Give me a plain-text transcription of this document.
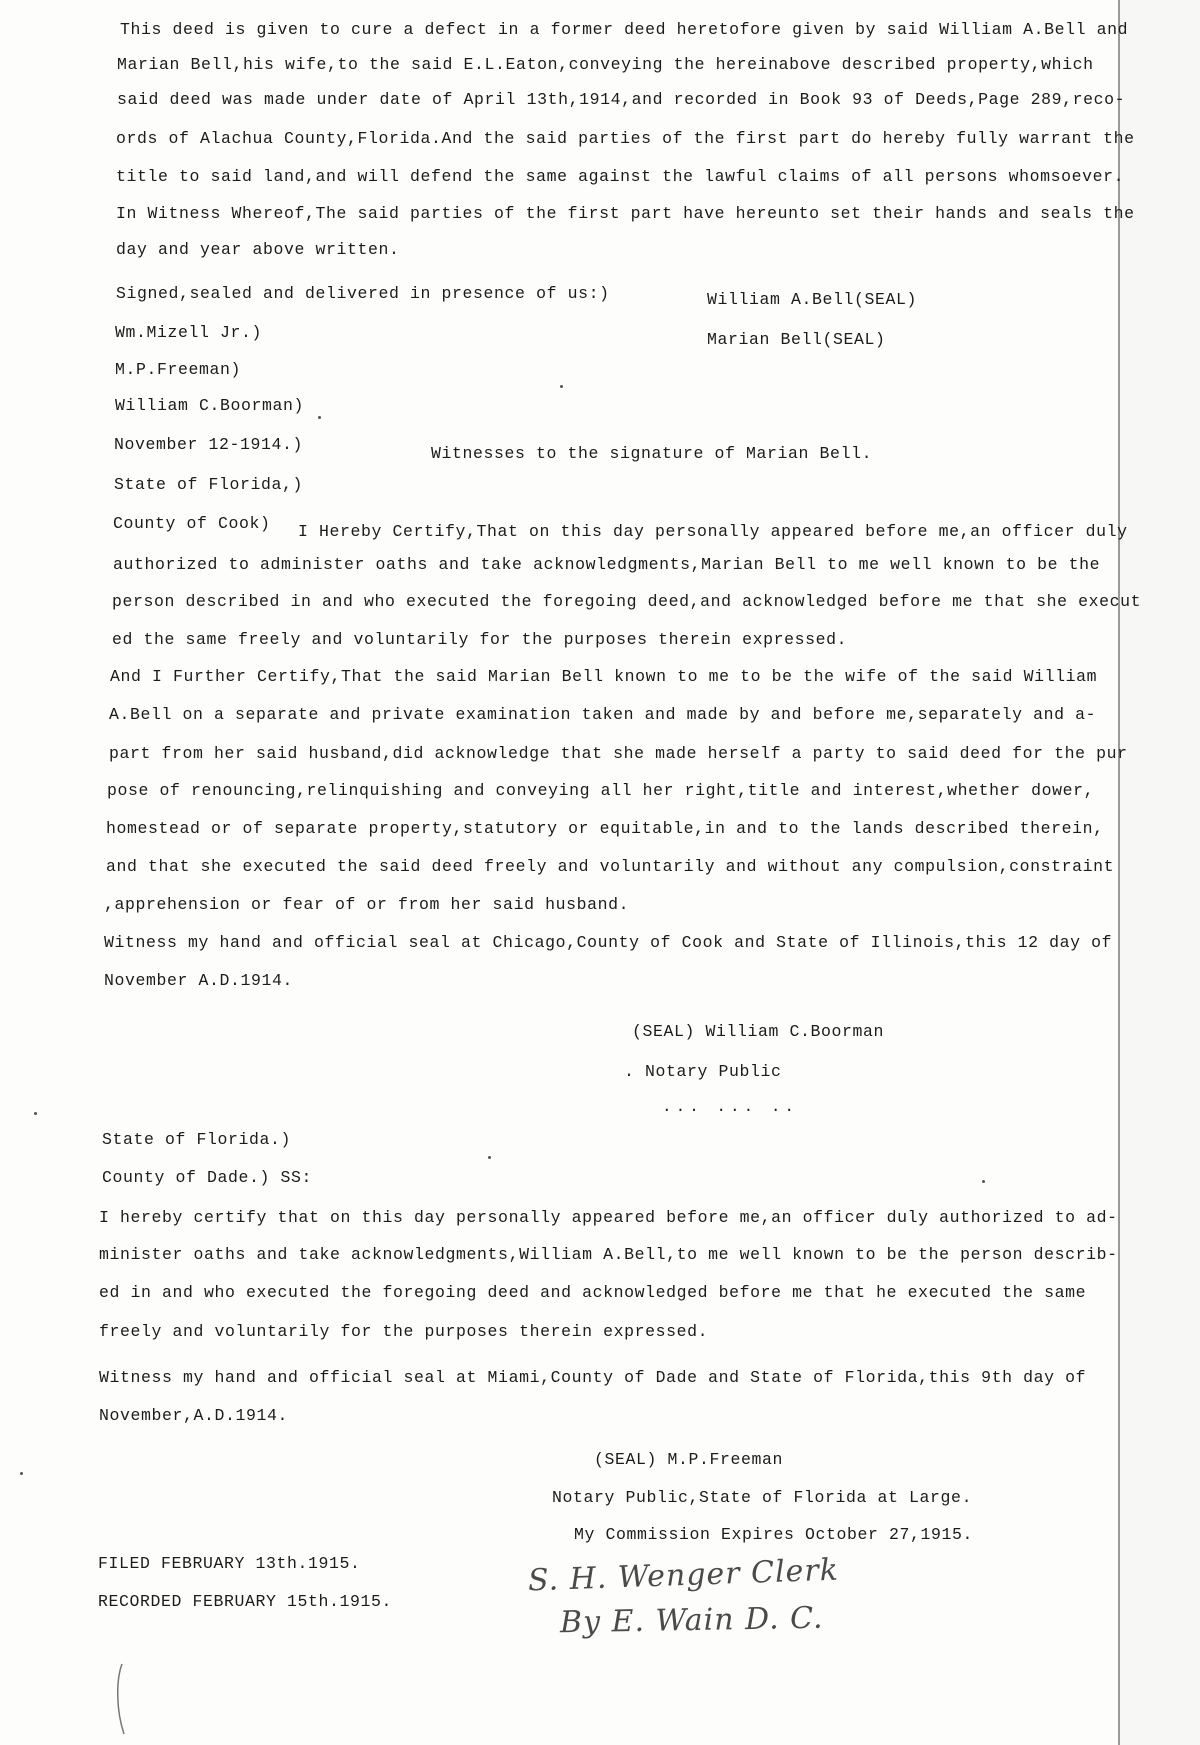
This deed is given to cure a defect in a former deed heretofore given by said William A.Bell and
Marian Bell,his wife,to the said E.L.Eaton,conveying the hereinabove described property,which
said deed was made under date of April 13th,1914,and recorded in Book 93 of Deeds,Page 289,reco-
ords of Alachua County,Florida.And the said parties of the first part do hereby fully warrant the
title to said land,and will defend the same against the lawful claims of all persons whomsoever.
In Witness Whereof,The said parties of the first part have hereunto set their hands and seals the
day and year above written.
Signed,sealed and delivered in presence of us:)	William A.Bell(SEAL)
Wm.Mizell Jr.)	Marian Bell(SEAL)
M.P.Freeman)
William C.Boorman)
November 12-1914.)	Witnesses to the signature of Marian Bell.
State of Florida,)
County of Cook) I Hereby Certify,That on this day personally appeared before me,an officer duly
authorized to administer oaths and take acknowledgments,Marian Bell to me well known to be the
person described in and who executed the foregoing deed,and acknowledged before me that she execut
ed the same freely and voluntarily for the purposes therein expressed.
And I Further Certify,That the said Marian Bell known to me to be the wife of the said William
A.Bell on a separate and private examination taken and made by and before me,separately and a-
part from her said husband,did acknowledge that she made herself a party to said deed for the pur
pose of renouncing,relinquishing and conveying all her right,title and interest,whether dower,
homestead or of separate property,statutory or equitable,in and to the lands described therein,
and that she executed the said deed freely and voluntarily and without any compulsion,constraint
,apprehension or fear of or from her said husband.
Witness my hand and official seal at Chicago,County of Cook and State of Illinois,this 12 day of
November A.D.1914.
(SEAL) William C.Boorman
. Notary Public
... ... ..
State of Florida.)
County of Dade.) SS:
I hereby certify that on this day personally appeared before me,an officer duly authorized to ad-
minister oaths and take acknowledgments,William A.Bell,to me well known to be the person describ-
ed in and who executed the foregoing deed and acknowledged before me that he executed the same
freely and voluntarily for the purposes therein expressed.
Witness my hand and official seal at Miami,County of Dade and State of Florida,this 9th day of
November,A.D.1914.
(SEAL) M.P.Freeman
Notary Public,State of Florida at Large.
My Commission Expires October 27,1915.
FILED FEBRUARY 13th.1915.
RECORDED FEBRUARY 15th.1915.
S. H. Wenger Clerk
By E. Wain D. C.
